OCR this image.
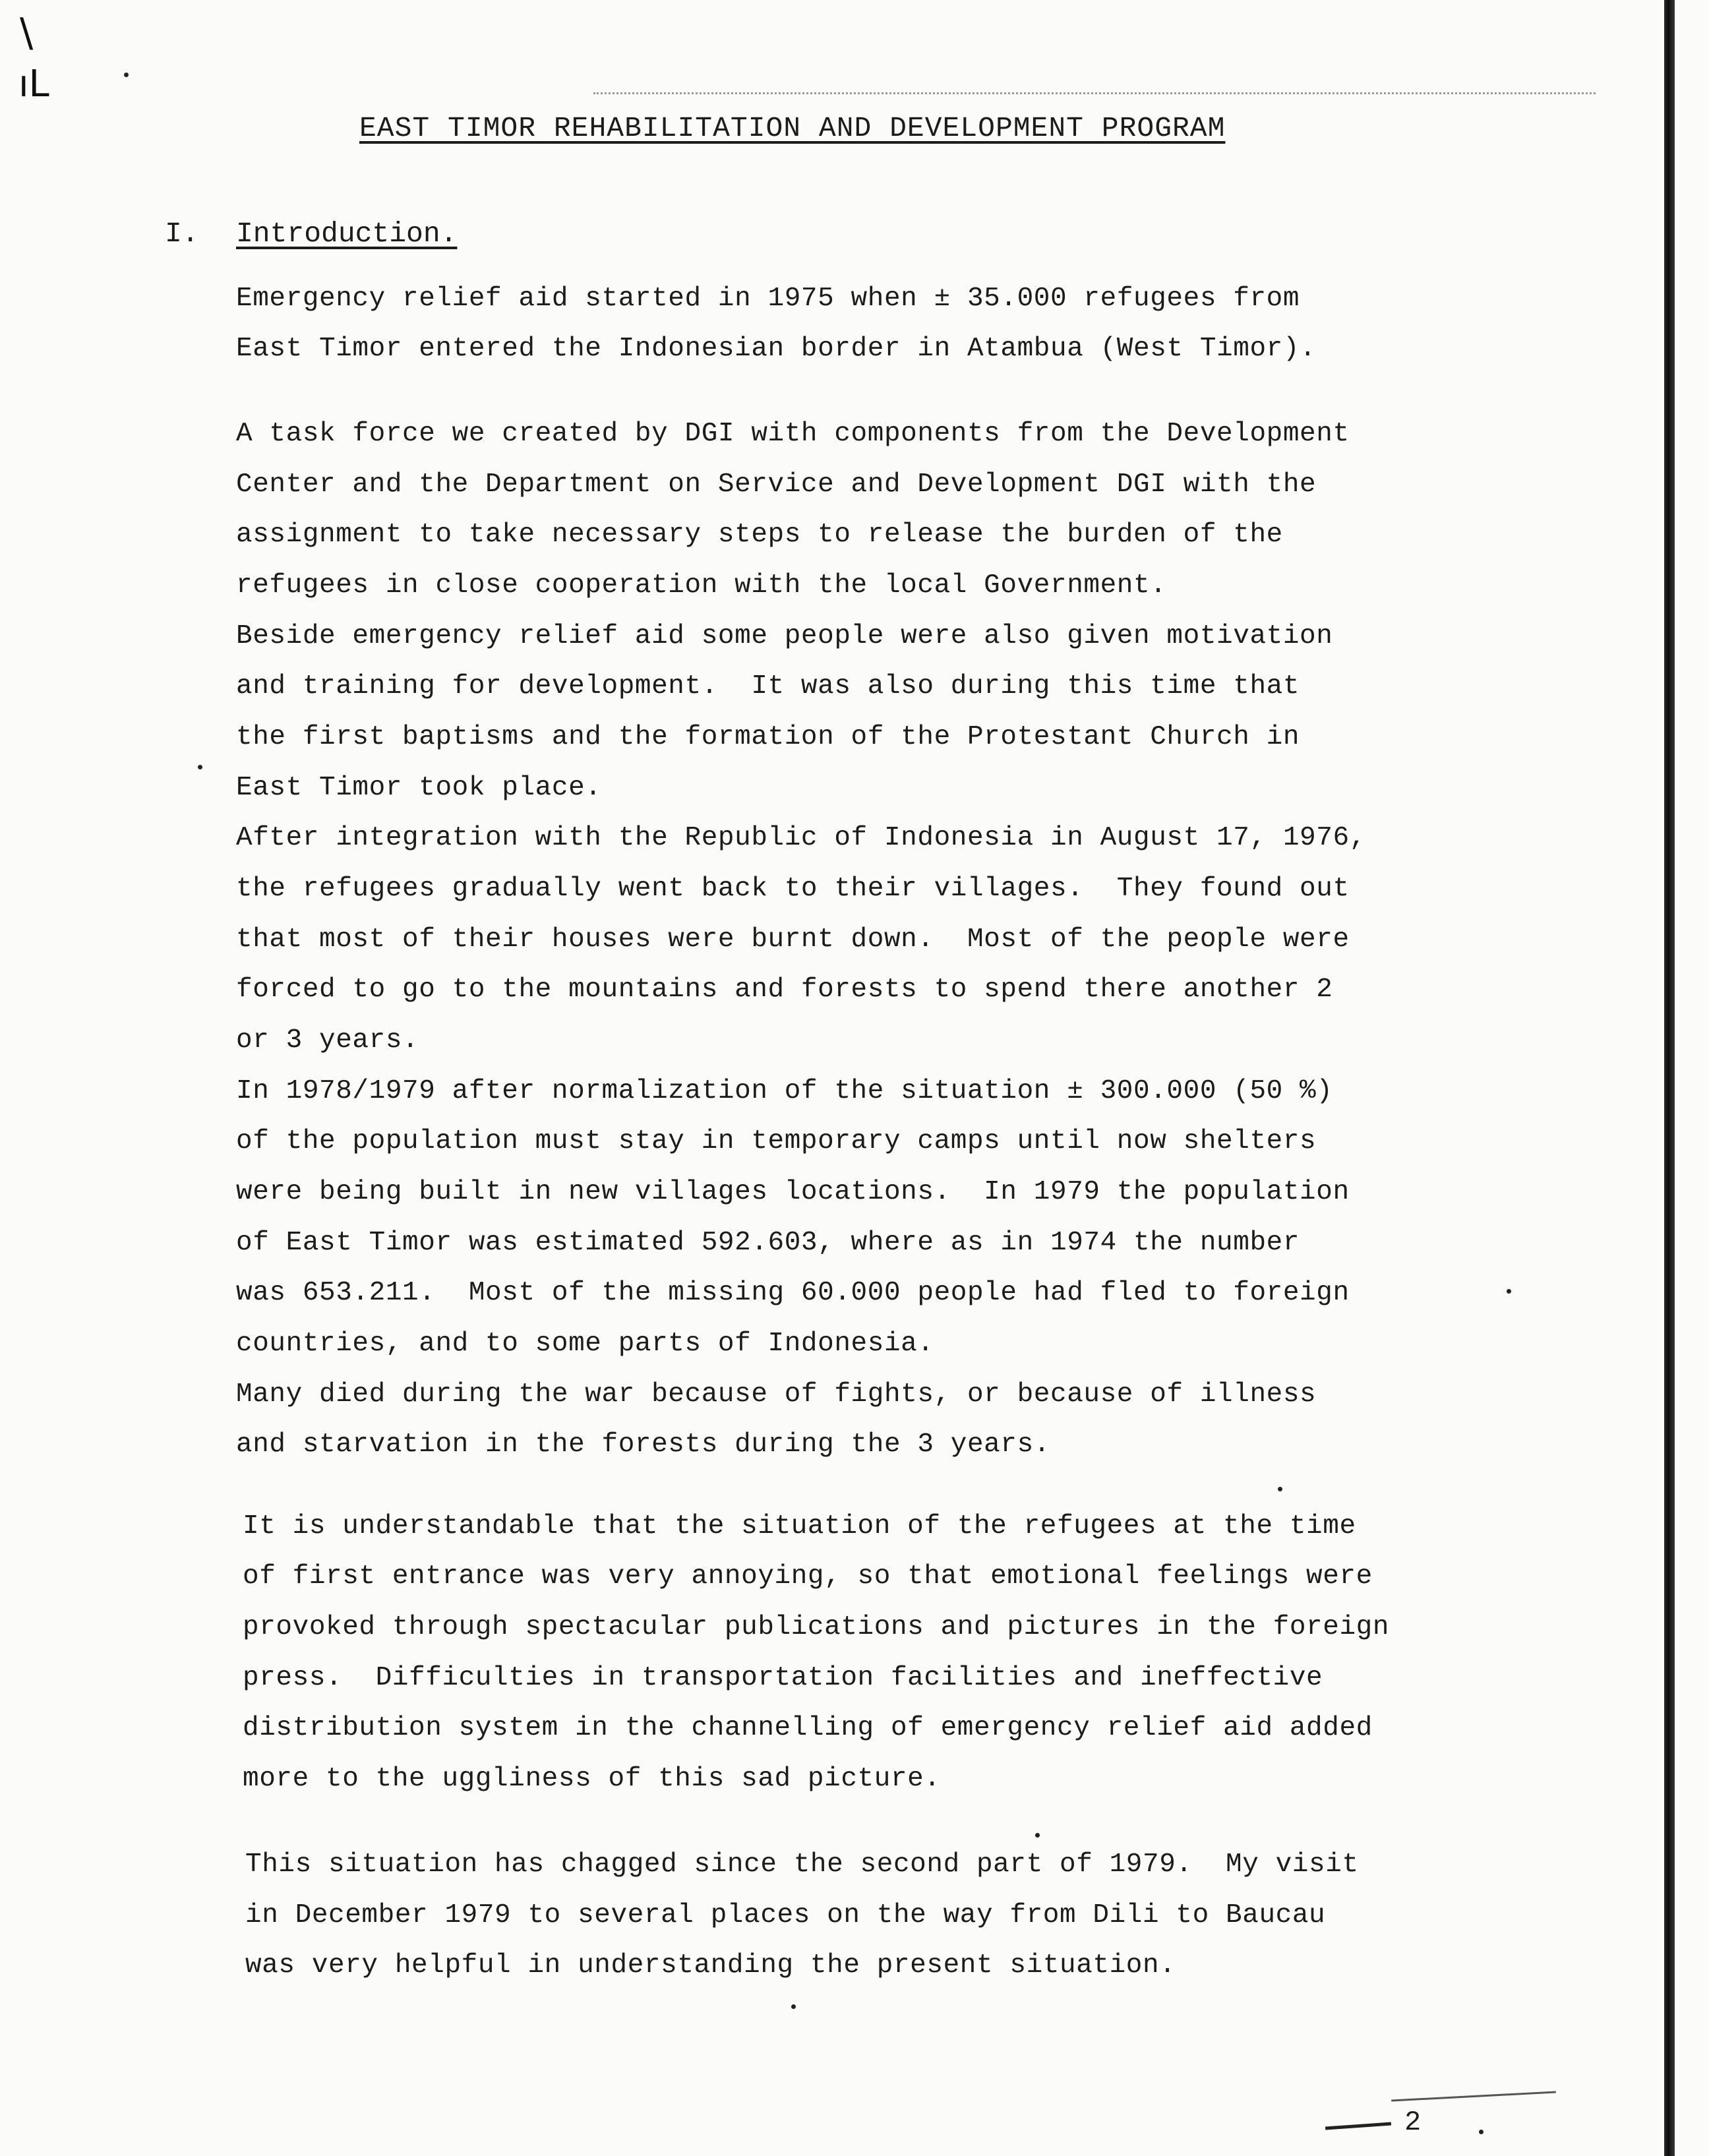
\
ıL
EAST TIMOR REHABILITATION AND DEVELOPMENT PROGRAM
I. Introduction.
Emergency relief aid started in 1975 when ± 35.000 refugees from
East Timor entered the Indonesian border in Atambua (West Timor).
A task force we created by DGI with components from the Development
Center and the Department on Service and Development DGI with the
assignment to take necessary steps to release the burden of the
refugees in close cooperation with the local Government.
Beside emergency relief aid some people were also given motivation
and training for development.  It was also during this time that
the first baptisms and the formation of the Protestant Church in
East Timor took place.
After integration with the Republic of Indonesia in August 17, 1976,
the refugees gradually went back to their villages.  They found out
that most of their houses were burnt down.  Most of the people were
forced to go to the mountains and forests to spend there another 2
or 3 years.
In 1978/1979 after normalization of the situation ± 300.000 (50 %)
of the population must stay in temporary camps until now shelters
were being built in new villages locations.  In 1979 the population
of East Timor was estimated 592.603, where as in 1974 the number
was 653.211.  Most of the missing 60.000 people had fled to foreign
countries, and to some parts of Indonesia.
Many died during the war because of fights, or because of illness
and starvation in the forests during the 3 years.
It is understandable that the situation of the refugees at the time
of first entrance was very annoying, so that emotional feelings were
provoked through spectacular publications and pictures in the foreign
press.  Difficulties in transportation facilities and ineffective
distribution system in the channelling of emergency relief aid added
more to the uggliness of this sad picture.
This situation has chagged since the second part of 1979.  My visit
in December 1979 to several places on the way from Dili to Baucau
was very helpful in understanding the present situation.
2
